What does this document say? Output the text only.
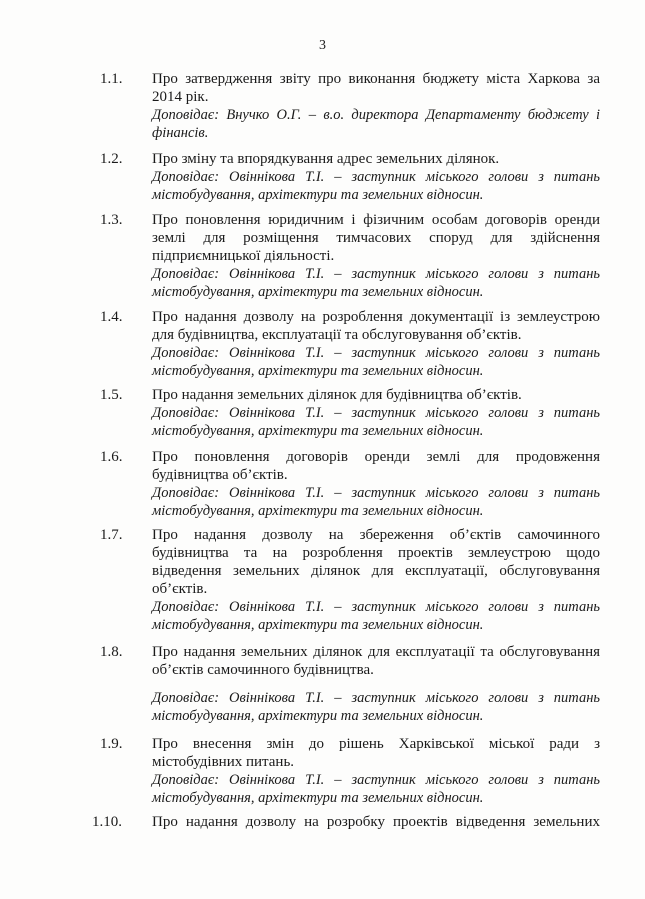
3
1.1.	Про затвердження звіту про виконання бюджету міста Харкова за 2014 рік.

Доповідає: Внучко О.Г. – в.о. директора Департаменту бюджету і фінансів.

1.2.	Про зміну та впорядкування адрес земельних ділянок.

Доповідає: Овіннікова Т.І. – заступник міського голови з питань містобудування, архітектури та земельних відносин.

1.3.	Про поновлення юридичним і фізичним особам договорів оренди землі для розміщення тимчасових споруд для здійснення підприємницької діяльності.

Доповідає: Овіннікова Т.І. – заступник міського голови з питань містобудування, архітектури та земельних відносин.

1.4.	Про надання дозволу на розроблення документації із землеустрою для будівництва, експлуатації та обслуговування об’єктів.

Доповідає: Овіннікова Т.І. – заступник міського голови з питань містобудування, архітектури та земельних відносин.

1.5.	Про надання земельних ділянок для будівництва об’єктів.

Доповідає: Овіннікова Т.І. – заступник міського голови з питань містобудування, архітектури та земельних відносин.

1.6.	Про поновлення договорів оренди землі для продовження будівництва об’єктів.

Доповідає: Овіннікова Т.І. – заступник міського голови з питань містобудування, архітектури та земельних відносин.

1.7.	Про надання дозволу на збереження об’єктів самочинного будівництва та на розроблення проектів землеустрою щодо відведення земельних ділянок для експлуатації, обслуговування об’єктів.

Доповідає: Овіннікова Т.І. – заступник міського голови з питань містобудування, архітектури та земельних відносин.

1.8.	Про надання земельних ділянок для експлуатації та обслуговування об’єктів самочинного будівництва.

Доповідає: Овіннікова Т.І. – заступник міського голови з питань містобудування, архітектури та земельних відносин.

1.9.	Про внесення змін до рішень Харківської міської ради з містобудівних питань.

Доповідає: Овіннікова Т.І. – заступник міського голови з питань містобудування, архітектури та земельних відносин.

1.10.	Про надання дозволу на розробку проектів відведення земельних
